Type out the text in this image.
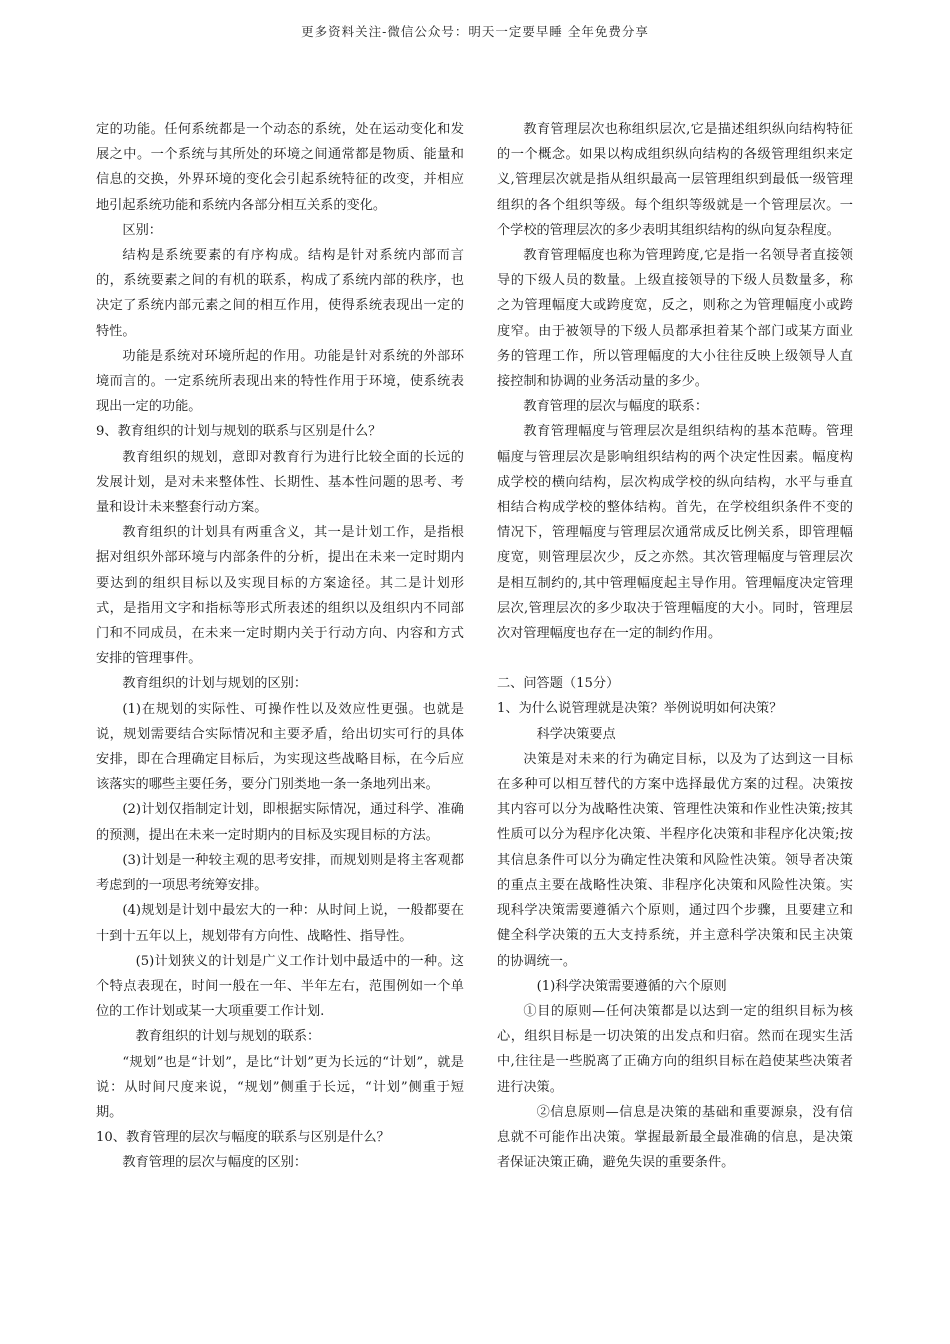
更多资料关注-微信公众号：明天一定要早睡 全年免费分享

定的功能。任何系统都是一个动态的系统，处在运动变化和发展之中。一个系统与其所处的环境之间通常都是物质、能量和信息的交换，外界环境的变化会引起系统特征的改变，并相应地引起系统功能和系统内各部分相互关系的变化。

区别：

结构是系统要素的有序构成。结构是针对系统内部而言的，系统要素之间的有机的联系，构成了系统内部的秩序，也决定了系统内部元素之间的相互作用，使得系统表现出一定的特性。

功能是系统对环境所起的作用。功能是针对系统的外部环境而言的。一定系统所表现出来的特性作用于环境，使系统表现出一定的功能。

9、教育组织的计划与规划的联系与区别是什么？

教育组织的规划，意即对教育行为进行比较全面的长远的发展计划，是对未来整体性、长期性、基本性问题的思考、考量和设计未来整套行动方案。

教育组织的计划具有两重含义，其一是计划工作，是指根据对组织外部环境与内部条件的分析，提出在未来一定时期内要达到的组织目标以及实现目标的方案途径。其二是计划形式，是指用文字和指标等形式所表述的组织以及组织内不同部门和不同成员，在未来一定时期内关于行动方向、内容和方式安排的管理事件。

教育组织的计划与规划的区别：

(1)在规划的实际性、可操作性以及效应性更强。也就是说，规划需要结合实际情况和主要矛盾，给出切实可行的具体安排，即在合理确定目标后，为实现这些战略目标，在今后应该落实的哪些主要任务，要分门别类地一条一条地列出来。

(2)计划仅指制定计划，即根据实际情况，通过科学、准确的预测，提出在未来一定时期内的目标及实现目标的方法。

(3)计划是一种较主观的思考安排，而规划则是将主客观都考虑到的一项思考统筹安排。

(4)规划是计划中最宏大的一种：从时间上说，一般都要在十到十五年以上，规划带有方向性、战略性、指导性。

(5)计划狭义的计划是广义工作计划中最适中的一种。这个特点表现在，时间一般在一年、半年左右，范围例如一个单位的工作计划或某一大项重要工作计划.

教育组织的计划与规划的联系：

“规划”也是“计划”，是比“计划”更为长远的“计划”，就是说：从时间尺度来说，“规划”侧重于长远，“计划”侧重于短期。

10、教育管理的层次与幅度的联系与区别是什么？

教育管理的层次与幅度的区别：

教育管理层次也称组织层次,它是描述组织纵向结构特征的一个概念。如果以构成组织纵向结构的各级管理组织来定义,管理层次就是指从组织最高一层管理组织到最低一级管理组织的各个组织等级。每个组织等级就是一个管理层次。一个学校的管理层次的多少表明其组织结构的纵向复杂程度。

教育管理幅度也称为管理跨度,它是指一名领导者直接领导的下级人员的数量。上级直接领导的下级人员数量多，称之为管理幅度大或跨度宽，反之，则称之为管理幅度小或跨度窄。由于被领导的下级人员都承担着某个部门或某方面业务的管理工作，所以管理幅度的大小往往反映上级领导人直接控制和协调的业务活动量的多少。

教育管理的层次与幅度的联系：

教育管理幅度与管理层次是组织结构的基本范畴。管理幅度与管理层次是影响组织结构的两个决定性因素。幅度构成学校的横向结构，层次构成学校的纵向结构，水平与垂直相结合构成学校的整体结构。首先，在学校组织条件不变的情况下，管理幅度与管理层次通常成反比例关系，即管理幅度宽，则管理层次少，反之亦然。其次管理幅度与管理层次是相互制约的,其中管理幅度起主导作用。管理幅度决定管理层次,管理层次的多少取决于管理幅度的大小。同时，管理层次对管理幅度也存在一定的制约作用。

二、问答题（15分）

1、为什么说管理就是决策？举例说明如何决策？

科学决策要点

决策是对未来的行为确定目标，以及为了达到这一目标在多种可以相互替代的方案中选择最优方案的过程。决策按其内容可以分为战略性决策、管理性决策和作业性决策;按其性质可以分为程序化决策、半程序化决策和非程序化决策;按其信息条件可以分为确定性决策和风险性决策。领导者决策的重点主要在战略性决策、非程序化决策和风险性决策。实现科学决策需要遵循六个原则，通过四个步骤，且要建立和健全科学决策的五大支持系统，并主意科学决策和民主决策的协调统一。

(1)科学决策需要遵循的六个原则

①目的原则—任何决策都是以达到一定的组织目标为核心，组织目标是一切决策的出发点和归宿。然而在现实生活中,往往是一些脱离了正确方向的组织目标在趋使某些决策者进行决策。

②信息原则—信息是决策的基础和重要源泉，没有信息就不可能作出决策。掌握最新最全最准确的信息，是决策者保证决策正确，避免失误的重要条件。
